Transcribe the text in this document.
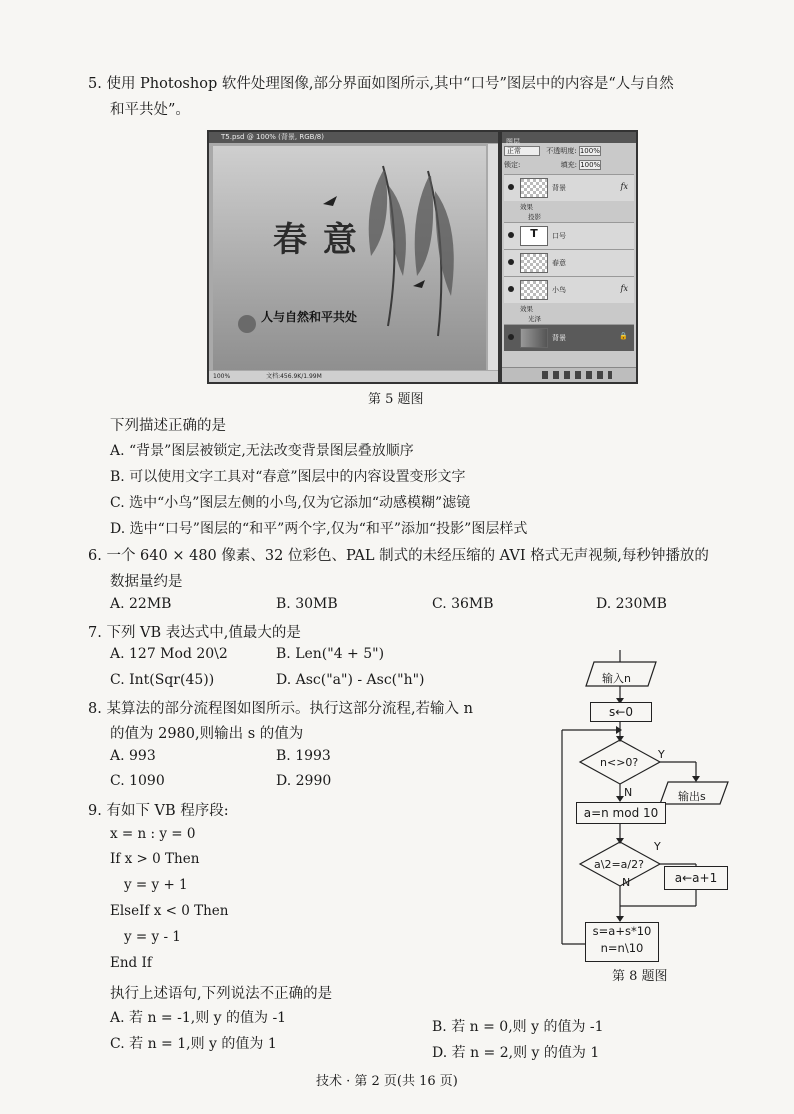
5. 使用 Photoshop 软件处理图像,部分界面如图所示,其中“口号”图层中的内容是“人与自然
和平共处”。
T5.psd @ 100% (背景, RGB/8)
春 意
人与自然和平共处
100%	文档:456.9K/1.99M
图层
正常	不透明度: 100%
锁定:	填充: 100%
背景	fx
效果
投影
T	口号
春意
小鸟	fx
效果
光泽
背景	🔒
第 5 题图
下列描述正确的是
A. “背景”图层被锁定,无法改变背景图层叠放顺序
B. 可以使用文字工具对“春意”图层中的内容设置变形文字
C. 选中“小鸟”图层左侧的小鸟,仅为它添加“动感模糊”滤镜
D. 选中“口号”图层的“和平”两个字,仅为“和平”添加“投影”图层样式
6. 一个 640 × 480 像素、32 位彩色、PAL 制式的未经压缩的 AVI 格式无声视频,每秒钟播放的
数据量约是
A. 22MB	B. 30MB	C. 36MB	D. 230MB
7. 下列 VB 表达式中,值最大的是
A. 127 Mod 20\2	B. Len("4 + 5")
C. Int(Sqr(45))	D. Asc("a") - Asc("h")
8. 某算法的部分流程图如图所示。执行这部分流程,若输入 n
的值为 2980,则输出 s 的值为
A. 993	B. 1993
C. 1090	D. 2990
输入n
s←0
n<>0?
Y
N	输出s
a=n mod 10
a\2=a/2?
Y
N	a←a+1
s=a+s*10
n=n\10
第 8 题图
9. 有如下 VB 程序段:
x = n : y = 0
If x > 0 Then
y = y + 1
ElseIf x < 0 Then
y = y - 1
End If
执行上述语句,下列说法不正确的是
A. 若 n = -1,则 y 的值为 -1
B. 若 n = 0,则 y 的值为 -1
C. 若 n = 1,则 y 的值为 1
D. 若 n = 2,则 y 的值为 1
技术 · 第 2 页(共 16 页)
